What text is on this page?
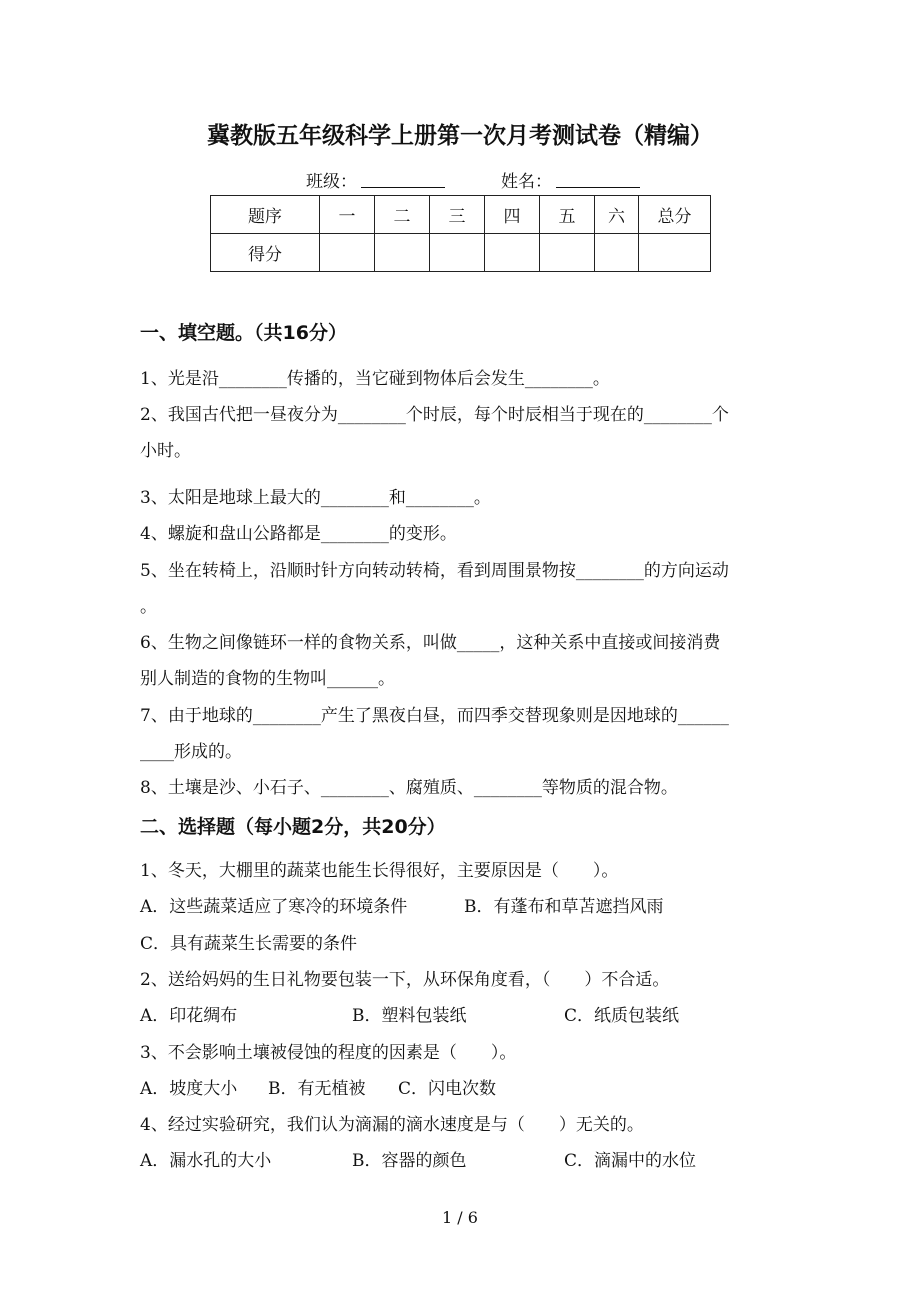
冀教版五年级科学上册第一次月考测试卷（精编）
班级：	姓名：
题序	一	二	三	四	五	六	总分
得分							
一、填空题。（共16分）
1、光是沿________传播的，当它碰到物体后会发生________。
2、我国古代把一昼夜分为________个时辰，每个时辰相当于现在的________个
小时。
3、太阳是地球上最大的________和________。
4、螺旋和盘山公路都是________的变形。
5、坐在转椅上，沿顺时针方向转动转椅，看到周围景物按________的方向运动
。
6、生物之间像链环一样的食物关系，叫做_____，这种关系中直接或间接消费
别人制造的食物的生物叫______。
7、由于地球的________产生了黑夜白昼，而四季交替现象则是因地球的______
____形成的。
8、土壤是沙、小石子、________、腐殖质、________等物质的混合物。
二、选择题（每小题2分，共20分）
1、冬天，大棚里的蔬菜也能生长得很好，主要原因是（　　）。
A．这些蔬菜适应了寒冷的环境条件	B．有蓬布和草苫遮挡风雨
C．具有蔬菜生长需要的条件
2、送给妈妈的生日礼物要包装一下，从环保角度看，（　　）不合适。
A．印花绸布	B．塑料包装纸	C．纸质包装纸
3、不会影响土壤被侵蚀的程度的因素是（　　）。
A．坡度大小 B．有无植被 C．闪电次数
4、经过实验研究，我们认为滴漏的滴水速度是与（　　）无关的。
A．漏水孔的大小	B．容器的颜色	C．滴漏中的水位
1 / 6
